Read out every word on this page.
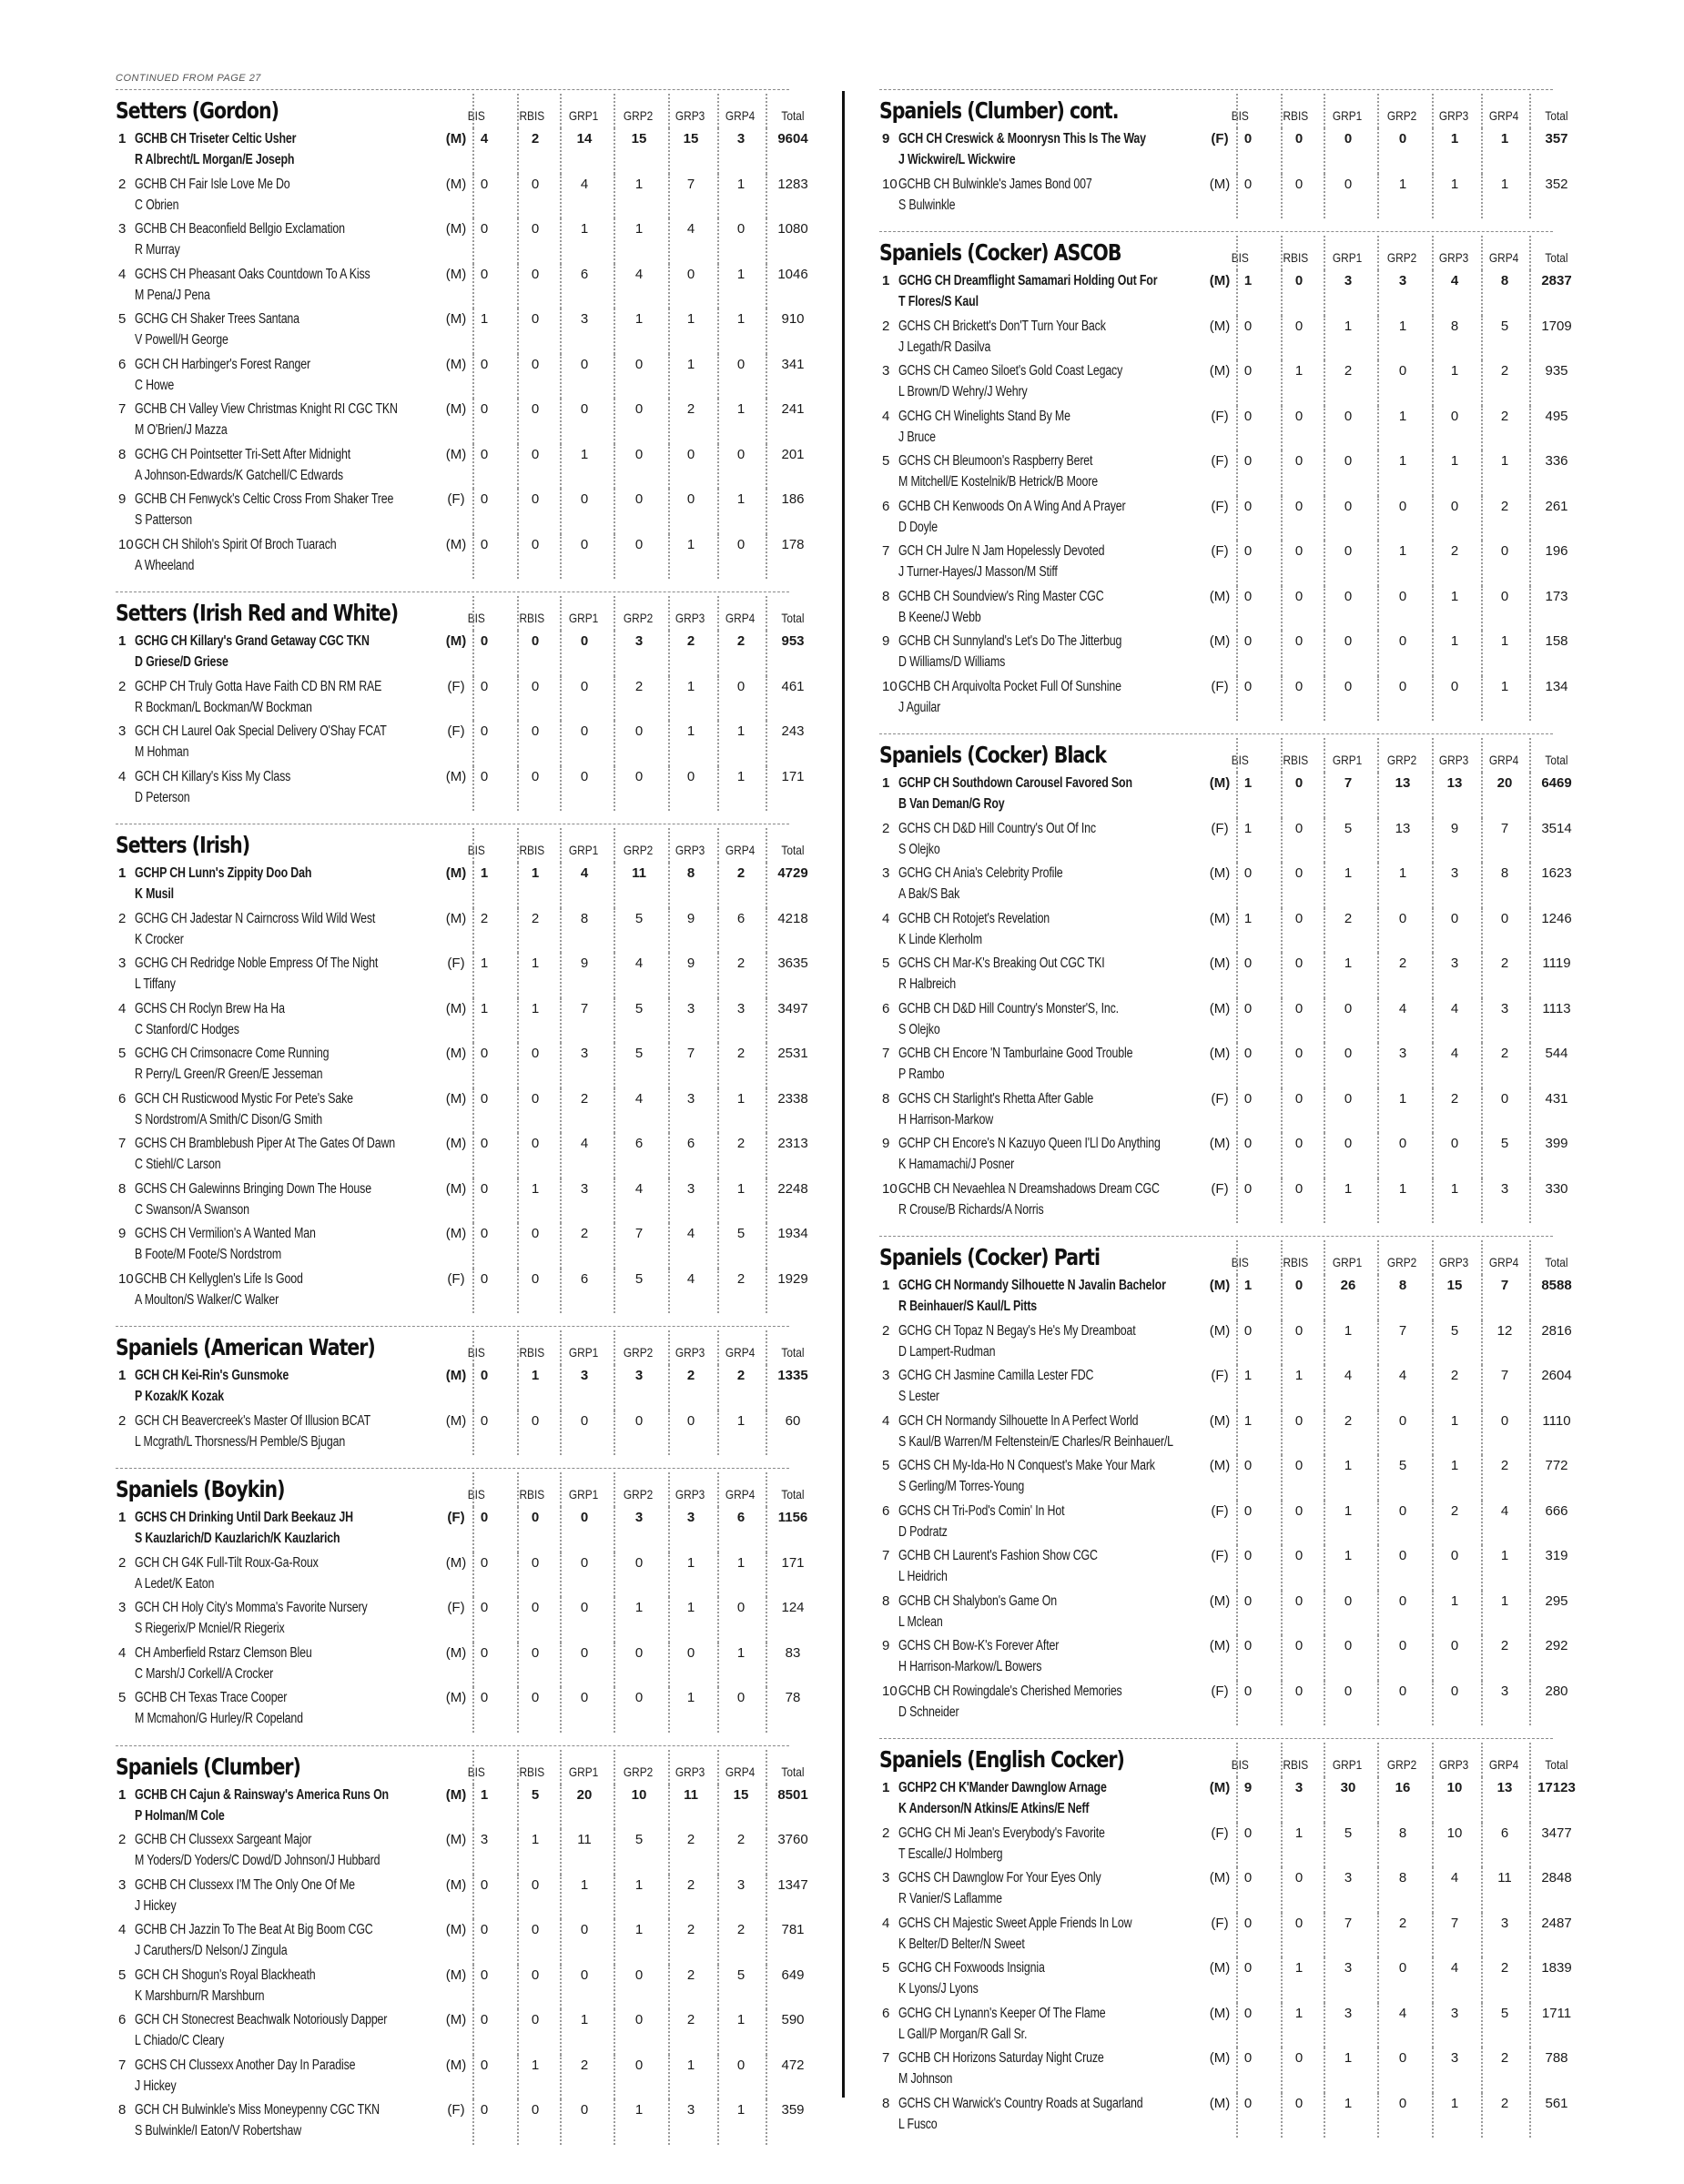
CONTINUED FROM PAGE 27
Setters (Gordon)	BIS	RBIS GRP1 GRP2 GRP3 GRP4	Total
1 GCHB CH Triseter Celtic Usher
R Albrecht/L Morgan/E Joseph
(M)	4	2	14	15	15	3	9604
2 GCHB CH Fair Isle Love Me Do
C Obrien
(M)	0	0	4	1	7	1	1283
3 GCHB CH Beaconfield Bellgio Exclamation
R Murray
(M)	0	0	1	1	4	0	1080
4 GCHS CH Pheasant Oaks Countdown To A Kiss
M Pena/J Pena
(M)	0	0	6	4	0	1	1046
5 GCHG CH Shaker Trees Santana
V Powell/H George
(M)	1	0	3	1	1	1	910
6 GCH CH Harbinger's Forest Ranger
C Howe
(M)	0	0	0	0	1	0	341
7 GCHB CH Valley View Christmas Knight RI CGC TKN
M O'Brien/J Mazza
(M)	0	0	0	0	2	1	241
8 GCHG CH Pointsetter Tri-Sett After Midnight
A Johnson-Edwards/K Gatchell/C Edwards
(M)	0	0	1	0	0	0	201
9 GCHB CH Fenwyck's Celtic Cross From Shaker Tree
S Patterson
(F)	0	0	0	0	0	1	186
10 GCH CH Shiloh's Spirit Of Broch Tuarach
A Wheeland
(M)	0	0	0	0	1	0	178
Setters (Irish Red and White)	BIS	RBIS GRP1 GRP2 GRP3 GRP4	Total
1 GCHG CH Killary's Grand Getaway CGC TKN
D Griese/D Griese
(M)	0	0	0	3	2	2	953
2 GCHP CH Truly Gotta Have Faith CD BN RM RAE
R Bockman/L Bockman/W Bockman
(F)	0	0	0	2	1	0	461
3 GCH CH Laurel Oak Special Delivery O'Shay FCAT
M Hohman
(F)	0	0	0	0	1	1	243
4 GCH CH Killary's Kiss My Class
D Peterson
(M)	0	0	0	0	0	1	171
Setters (Irish)	BIS	RBIS GRP1 GRP2 GRP3 GRP4	Total
1 GCHP CH Lunn's Zippity Doo Dah
K Musil
(M)	1	1	4	11	8	2	4729
2 GCHG CH Jadestar N Cairncross Wild Wild West
K Crocker
(M)	2	2	8	5	9	6	4218
3 GCHG CH Redridge Noble Empress Of The Night
L Tiffany
(F)	1	1	9	4	9	2	3635
4 GCHS CH Roclyn Brew Ha Ha
C Stanford/C Hodges
(M)	1	1	7	5	3	3	3497
5 GCHG CH Crimsonacre Come Running
R Perry/L Green/R Green/E Jesseman
(M)	0	0	3	5	7	2	2531
6 GCH CH Rusticwood Mystic For Pete's Sake
S Nordstrom/A Smith/C Dison/G Smith
(M)	0	0	2	4	3	1	2338
7 GCHS CH Bramblebush Piper At The Gates Of Dawn
C Stiehl/C Larson
(M)	0	0	4	6	6	2	2313
8 GCHS CH Galewinns Bringing Down The House
C Swanson/A Swanson
(M)	0	1	3	4	3	1	2248
9 GCHS CH Vermilion's A Wanted Man
B Foote/M Foote/S Nordstrom
(M)	0	0	2	7	4	5	1934
10 GCHB CH Kellyglen's Life Is Good
A Moulton/S Walker/C Walker
(F)	0	0	6	5	4	2	1929
Spaniels (American Water)	BIS	RBIS GRP1 GRP2 GRP3 GRP4	Total
1 GCH CH Kei-Rin's Gunsmoke
P Kozak/K Kozak
(M)	0	1	3	3	2	2	1335
2 GCH CH Beavercreek's Master Of Illusion BCAT
L Mcgrath/L Thorsness/H Pemble/S Bjugan
(M)	0	0	0	0	0	1	60
Spaniels (Boykin)	BIS	RBIS GRP1 GRP2 GRP3 GRP4	Total
1 GCHS CH Drinking Until Dark Beekauz JH
S Kauzlarich/D Kauzlarich/K Kauzlarich
(F)	0	0	0	3	3	6	1156
2 GCH CH G4K Full-Tilt Roux-Ga-Roux
A Ledet/K Eaton
(M)	0	0	0	0	1	1	171
3 GCH CH Holy City's Momma's Favorite Nursery
S Riegerix/P Mcniel/R Riegerix
(F)	0	0	0	1	1	0	124
4 CH Amberfield Rstarz Clemson Bleu
C Marsh/J Corkell/A Crocker
(M)	0	0	0	0	0	1	83
5 GCHB CH Texas Trace Cooper
M Mcmahon/G Hurley/R Copeland
(M)	0	0	0	0	1	0	78
Spaniels (Clumber)	BIS	RBIS GRP1 GRP2 GRP3 GRP4	Total
1 GCHB CH Cajun & Rainsway's America Runs On
P Holman/M Cole
(M)	1	5	20	10	11	15	8501
2 GCHB CH Clussexx Sargeant Major
M Yoders/D Yoders/C Dowd/D Johnson/J Hubbard
(M)	3	1	11	5	2	2	3760
3 GCHB CH Clussexx I'M The Only One Of Me
J Hickey
(M)	0	0	1	1	2	3	1347
4 GCHB CH Jazzin To The Beat At Big Boom CGC
J Caruthers/D Nelson/J Zingula
(M)	0	0	0	1	2	2	781
5 GCH CH Shogun's Royal Blackheath
K Marshburn/R Marshburn
(M)	0	0	0	0	2	5	649
6 GCH CH Stonecrest Beachwalk Notoriously Dapper
L Chiado/C Cleary
(M)	0	0	1	0	2	1	590
7 GCHS CH Clussexx Another Day In Paradise
J Hickey
(M)	0	1	2	0	1	0	472
8 GCH CH Bulwinkle's Miss Moneypenny CGC TKN
S Bulwinkle/I Eaton/V Robertshaw
(F)	0	0	0	1	3	1	359
Spaniels (Clumber) cont.	BIS	RBIS GRP1 GRP2 GRP3 GRP4	Total
9 GCH CH Creswick & Moonrysn This Is The Way
J Wickwire/L Wickwire
(F)	0	0	0	0	1	1	357
10 GCHB CH Bulwinkle's James Bond 007
S Bulwinkle
(M)	0	0	0	1	1	1	352
Spaniels (Cocker) ASCOB	BIS	RBIS GRP1 GRP2 GRP3 GRP4	Total
1 GCHG CH Dreamflight Samamari Holding Out For
T Flores/S Kaul
(M)	1	0	3	3	4	8	2837
2 GCHS CH Brickett's Don'T Turn Your Back
J Legath/R Dasilva
(M)	0	0	1	1	8	5	1709
3 GCHS CH Cameo Siloet's Gold Coast Legacy
L Brown/D Wehry/J Wehry
(M)	0	1	2	0	1	2	935
4 GCHG CH Winelights Stand By Me
J Bruce
(F)	0	0	0	1	0	2	495
5 GCHS CH Bleumoon's Raspberry Beret
M Mitchell/E Kostelnik/B Hetrick/B Moore
(F)	0	0	0	1	1	1	336
6 GCHB CH Kenwoods On A Wing And A Prayer
D Doyle
(F)	0	0	0	0	0	2	261
7 GCH CH Julre N Jam Hopelessly Devoted
J Turner-Hayes/J Masson/M Stiff
(F)	0	0	0	1	2	0	196
8 GCHB CH Soundview's Ring Master CGC
B Keene/J Webb
(M)	0	0	0	0	1	0	173
9 GCHB CH Sunnyland's Let's Do The Jitterbug
D Williams/D Williams
(M)	0	0	0	0	1	1	158
10 GCHB CH Arquivolta Pocket Full Of Sunshine
J Aguilar
(F)	0	0	0	0	0	1	134
Spaniels (Cocker) Black	BIS	RBIS GRP1 GRP2 GRP3 GRP4	Total
1 GCHP CH Southdown Carousel Favored Son
B Van Deman/G Roy
(M)	1	0	7	13	13	20	6469
2 GCHS CH D&D Hill Country's Out Of Inc
S Olejko
(F)	1	0	5	13	9	7	3514
3 GCHG CH Ania's Celebrity Profile
A Bak/S Bak
(M)	0	0	1	1	3	8	1623
4 GCHB CH Rotojet's Revelation
K Linde Klerholm
(M)	1	0	2	0	0	0	1246
5 GCHS CH Mar-K's Breaking Out CGC TKI
R Halbreich
(M)	0	0	1	2	3	2	1119
6 GCHB CH D&D Hill Country's Monster'S, Inc.
S Olejko
(M)	0	0	0	4	4	3	1113
7 GCHB CH Encore 'N Tamburlaine Good Trouble
P Rambo
(M)	0	0	0	3	4	2	544
8 GCHS CH Starlight's Rhetta After Gable
H Harrison-Markow
(F)	0	0	0	1	2	0	431
9 GCHP CH Encore's N Kazuyo Queen I'Ll Do Anything
K Hamamachi/J Posner
(M)	0	0	0	0	0	5	399
10 GCHB CH Nevaehlea N Dreamshadows Dream CGC
R Crouse/B Richards/A Norris
(F)	0	0	1	1	1	3	330
Spaniels (Cocker) Parti	BIS	RBIS GRP1 GRP2 GRP3 GRP4	Total
1 GCHG CH Normandy Silhouette N Javalin Bachelor
R Beinhauer/S Kaul/L Pitts
(M)	1	0	26	8	15	7	8588
2 GCHG CH Topaz N Begay's He's My Dreamboat
D Lampert-Rudman
(M)	0	0	1	7	5	12	2816
3 GCHG CH Jasmine Camilla Lester FDC
S Lester
(F)	1	1	4	4	2	7	2604
4 GCH CH Normandy Silhouette In A Perfect World
S Kaul/B Warren/M Feltenstein/E Charles/R Beinhauer/L
(M)	1	0	2	0	1	0	1110
5 GCHS CH My-Ida-Ho N Conquest's Make Your Mark
S Gerling/M Torres-Young
(M)	0	0	1	5	1	2	772
6 GCHS CH Tri-Pod's Comin' In Hot
D Podratz
(F)	0	0	1	0	2	4	666
7 GCHB CH Laurent's Fashion Show CGC
L Heidrich
(F)	0	0	1	0	0	1	319
8 GCHB CH Shalybon's Game On
L Mclean
(M)	0	0	0	0	1	1	295
9 GCHS CH Bow-K's Forever After
H Harrison-Markow/L Bowers
(M)	0	0	0	0	0	2	292
10 GCHB CH Rowingdale's Cherished Memories
D Schneider
(F)	0	0	0	0	0	3	280
Spaniels (English Cocker)	BIS	RBIS GRP1 GRP2 GRP3 GRP4	Total
1 GCHP2 CH K'Mander Dawnglow Arnage
K Anderson/N Atkins/E Atkins/E Neff
(M)	9	3	30	16	10	13	17123
2 GCHG CH Mi Jean's Everybody's Favorite
T Escalle/J Holmberg
(F)	0	1	5	8	10	6	3477
3 GCHS CH Dawnglow For Your Eyes Only
R Vanier/S Laflamme
(M)	0	0	3	8	4	11	2848
4 GCHS CH Majestic Sweet Apple Friends In Low
K Belter/D Belter/N Sweet
(F)	0	0	7	2	7	3	2487
5 GCHG CH Foxwoods Insignia
K Lyons/J Lyons
(M)	0	1	3	0	4	2	1839
6 GCHG CH Lynann's Keeper Of The Flame
L Gall/P Morgan/R Gall Sr.
(M)	0	1	3	4	3	5	1711
7 GCHB CH Horizons Saturday Night Cruze
M Johnson
(M)	0	0	1	0	3	2	788
8 GCHS CH Warwick's Country Roads at Sugarland
L Fusco
(M)	0	0	1	0	1	2	561
